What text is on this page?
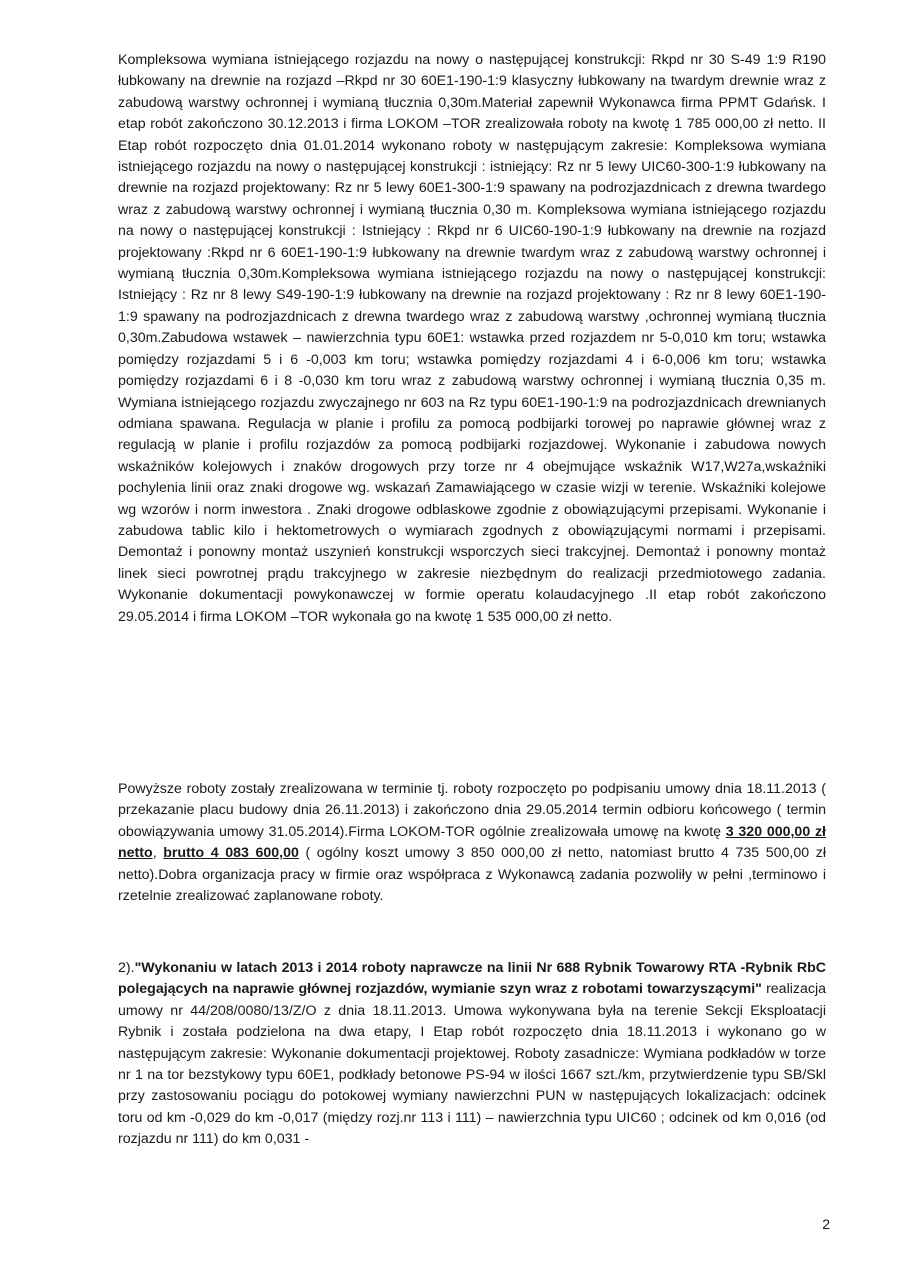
Kompleksowa wymiana istniejącego rozjazdu na nowy o następującej konstrukcji: Rkpd nr 30 S-49 1:9 R190 łubkowany na drewnie na rozjazd –Rkpd nr 30 60E1-190-1:9 klasyczny łubkowany na twardym drewnie wraz z zabudową warstwy ochronnej i wymianą tłucznia 0,30m.Materiał zapewnił Wykonawca firma PPMT Gdańsk. I etap robót zakończono 30.12.2013 i firma LOKOM –TOR zrealizowała roboty na kwotę 1 785 000,00 zł netto. II Etap robót rozpoczęto dnia 01.01.2014 wykonano roboty w następującym zakresie: Kompleksowa wymiana istniejącego rozjazdu na nowy o następującej konstrukcji : istniejący: Rz nr 5 lewy UIC60-300-1:9 łubkowany na drewnie na rozjazd projektowany: Rz nr 5 lewy 60E1-300-1:9 spawany na podrozjazdnicach z drewna twardego wraz z zabudową warstwy ochronnej i wymianą tłucznia 0,30 m. Kompleksowa wymiana istniejącego rozjazdu na nowy o następującej konstrukcji : Istniejący : Rkpd nr 6 UIC60-190-1:9 łubkowany na drewnie na rozjazd projektowany :Rkpd nr 6 60E1-190-1:9 łubkowany na drewnie twardym wraz z zabudową warstwy ochronnej i wymianą tłucznia 0,30m.Kompleksowa wymiana istniejącego rozjazdu na nowy o następującej konstrukcji: Istniejący : Rz nr 8 lewy S49-190-1:9 łubkowany na drewnie na rozjazd projektowany : Rz nr 8 lewy 60E1-190-1:9 spawany na podrozjazdnicach z drewna twardego wraz z zabudową warstwy ,ochronnej wymianą tłucznia 0,30m.Zabudowa wstawek – nawierzchnia typu 60E1: wstawka przed rozjazdem nr 5-0,010 km toru; wstawka pomiędzy rozjazdami 5 i 6 -0,003 km toru; wstawka pomiędzy rozjazdami 4 i 6-0,006 km toru; wstawka pomiędzy rozjazdami 6 i 8 -0,030 km toru wraz z zabudową warstwy ochronnej i wymianą tłucznia 0,35 m. Wymiana istniejącego rozjazdu zwyczajnego nr 603 na Rz typu 60E1-190-1:9 na podrozjazdnicach drewnianych odmiana spawana. Regulacja w planie i profilu za pomocą podbijarki torowej po naprawie głównej wraz z regulacją w planie i profilu rozjazdów za pomocą podbijarki rozjazdowej. Wykonanie i zabudowa nowych wskaźników kolejowych i znaków drogowych przy torze nr 4 obejmujące wskaźnik W17,W27a,wskaźniki pochylenia linii oraz znaki drogowe wg. wskazań Zamawiającego w czasie wizji w terenie. Wskaźniki kolejowe wg wzorów i norm inwestora . Znaki drogowe odblaskowe zgodnie z obowiązującymi przepisami. Wykonanie i zabudowa tablic kilo i hektometrowych o wymiarach zgodnych z obowiązującymi normami i przepisami. Demontaż i ponowny montaż uszynień konstrukcji wsporczych sieci trakcyjnej. Demontaż i ponowny montaż linek sieci powrotnej prądu trakcyjnego w zakresie niezbędnym do realizacji przedmiotowego zadania. Wykonanie dokumentacji powykonawczej w formie operatu kolaudacyjnego .II etap robót zakończono 29.05.2014 i firma LOKOM –TOR wykonała go na kwotę 1 535 000,00 zł netto.

Powyższe roboty zostały zrealizowana w terminie tj. roboty rozpoczęto po podpisaniu umowy dnia 18.11.2013 ( przekazanie placu budowy dnia 26.11.2013) i zakończono dnia 29.05.2014 termin odbioru końcowego ( termin obowiązywania umowy 31.05.2014).Firma LOKOM-TOR ogólnie zrealizowała umowę na kwotę 3 320 000,00 zł netto, brutto 4 083 600,00 ( ogólny koszt umowy 3 850 000,00 zł netto, natomiast brutto 4 735 500,00 zł netto).Dobra organizacja pracy w firmie oraz współpraca z Wykonawcą zadania pozwoliły w pełni ,terminowo i rzetelnie zrealizować zaplanowane roboty.

2)."Wykonaniu w latach 2013 i 2014 roboty naprawcze na linii Nr 688 Rybnik Towarowy RTA -Rybnik RbC polegających na naprawie głównej rozjazdów, wymianie szyn wraz z robotami towarzyszącymi" realizacja umowy nr 44/208/0080/13/Z/O z dnia 18.11.2013. Umowa wykonywana była na terenie Sekcji Eksploatacji Rybnik i została podzielona na dwa etapy, I Etap robót rozpoczęto dnia 18.11.2013 i wykonano go w następującym zakresie: Wykonanie dokumentacji projektowej. Roboty zasadnicze: Wymiana podkładów w torze nr 1 na tor bezstykowy typu 60E1, podkłady betonowe PS-94 w ilości 1667 szt./km, przytwierdzenie typu SB/Skl przy zastosowaniu pociągu do potokowej wymiany nawierzchni PUN w następujących lokalizacjach: odcinek toru od km -0,029 do km -0,017 (między rozj.nr 113 i 111) – nawierzchnia typu UIC60 ; odcinek od km 0,016 (od rozjazdu nr 111) do km 0,031 -

2
